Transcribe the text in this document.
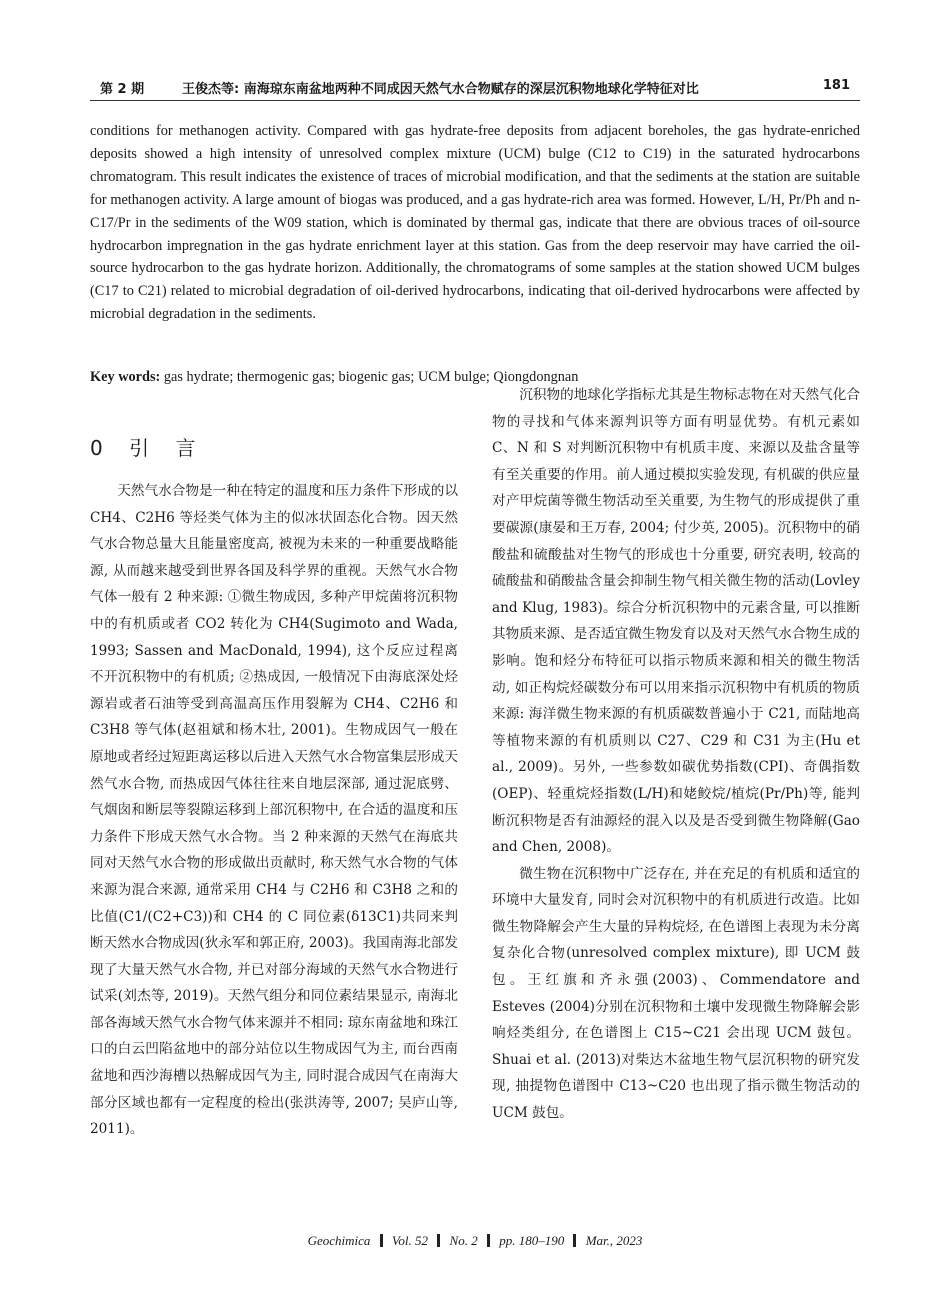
第 2 期	王俊杰等: 南海琼东南盆地两种不同成因天然气水合物赋存的深层沉积物地球化学特征对比	181

conditions for methanogen activity. Compared with gas hydrate-free deposits from adjacent boreholes, the gas hydrate-enriched deposits showed a high intensity of unresolved complex mixture (UCM) bulge (C12 to C19) in the saturated hydrocarbons chromatogram. This result indicates the existence of traces of microbial modification, and that the sediments at the station are suitable for methanogen activity. A large amount of biogas was produced, and a gas hydrate-rich area was formed. However, L/H, Pr/Ph and n-C17/Pr in the sediments of the W09 station, which is dominated by thermal gas, indicate that there are obvious traces of oil-source hydrocarbon impregnation in the gas hydrate enrichment layer at this station. Gas from the deep reservoir may have carried the oil-source hydrocarbon to the gas hydrate horizon. Additionally, the chromatograms of some samples at the station showed UCM bulges (C17 to C21) related to microbial degradation of oil-derived hydrocarbons, indicating that oil-derived hydrocarbons were affected by microbial degradation in the sediments.

Key words: gas hydrate; thermogenic gas; biogenic gas; UCM bulge; Qiongdongnan
0 引 言

天然气水合物是一种在特定的温度和压力条件下形成的以 CH4、C2H6 等烃类气体为主的似冰状固态化合物。因天然气水合物总量大且能量密度高, 被视为未来的一种重要战略能源, 从而越来越受到世界各国及科学界的重视。天然气水合物气体一般有 2 种来源: ①微生物成因, 多种产甲烷菌将沉积物中的有机质或者 CO2 转化为 CH4(Sugimoto and Wada, 1993; Sassen and MacDonald, 1994), 这个反应过程离不开沉积物中的有机质; ②热成因, 一般情况下由海底深处烃源岩或者石油等受到高温高压作用裂解为 CH4、C2H6 和 C3H8 等气体(赵祖斌和杨木壮, 2001)。生物成因气一般在原地或者经过短距离运移以后进入天然气水合物富集层形成天然气水合物, 而热成因气体往往来自地层深部, 通过泥底劈、气烟囱和断层等裂隙运移到上部沉积物中, 在合适的温度和压力条件下形成天然气水合物。当 2 种来源的天然气在海底共同对天然气水合物的形成做出贡献时, 称天然气水合物的气体来源为混合来源, 通常采用 CH4 与 C2H6 和 C3H8 之和的比值(C1/(C2+C3))和 CH4 的 C 同位素(δ13C1)共同来判断天然水合物成因(狄永军和郭正府, 2003)。我国南海北部发现了大量天然气水合物, 并已对部分海域的天然气水合物进行试采(刘杰等, 2019)。天然气组分和同位素结果显示, 南海北部各海域天然气水合物气体来源并不相同: 琼东南盆地和珠江口的白云凹陷盆地中的部分站位以生物成因气为主, 而台西南盆地和西沙海槽以热解成因气为主, 同时混合成因气在南海大部分区域也都有一定程度的检出(张洪涛等, 2007; 吴庐山等, 2011)。

沉积物的地球化学指标尤其是生物标志物在对天然气化合物的寻找和气体来源判识等方面有明显优势。有机元素如 C、N 和 S 对判断沉积物中有机质丰度、来源以及盐含量等有至关重要的作用。前人通过模拟实验发现, 有机碳的供应量对产甲烷菌等微生物活动至关重要, 为生物气的形成提供了重要碳源(康晏和王万春, 2004; 付少英, 2005)。沉积物中的硝酸盐和硫酸盐对生物气的形成也十分重要, 研究表明, 较高的硫酸盐和硝酸盐含量会抑制生物气相关微生物的活动(Lovley and Klug, 1983)。综合分析沉积物中的元素含量, 可以推断其物质来源、是否适宜微生物发育以及对天然气水合物生成的影响。饱和烃分布特征可以指示物质来源和相关的微生物活动, 如正构烷烃碳数分布可以用来指示沉积物中有机质的物质来源: 海洋微生物来源的有机质碳数普遍小于 C21, 而陆地高等植物来源的有机质则以 C27、C29 和 C31 为主(Hu et al., 2009)。另外, 一些参数如碳优势指数(CPI)、奇偶指数(OEP)、轻重烷烃指数(L/H)和姥鲛烷/植烷(Pr/Ph)等, 能判断沉积物是否有油源烃的混入以及是否受到微生物降解(Gao and Chen, 2008)。

微生物在沉积物中广泛存在, 并在充足的有机质和适宜的环境中大量发育, 同时会对沉积物中的有机质进行改造。比如微生物降解会产生大量的异构烷烃, 在色谱图上表现为未分离复杂化合物(unresolved complex mixture), 即 UCM 鼓包。王红旗和齐永强(2003)、Commendatore and Esteves (2004)分别在沉积物和土壤中发现微生物降解会影响烃类组分, 在色谱图上 C15~C21 会出现 UCM 鼓包。Shuai et al. (2013)对柴达木盆地生物气层沉积物的研究发现, 抽提物色谱图中 C13~C20 也出现了指示微生物活动的 UCM 鼓包。

Geochimica Vol. 52 No. 2 pp. 180–190 Mar., 2023
